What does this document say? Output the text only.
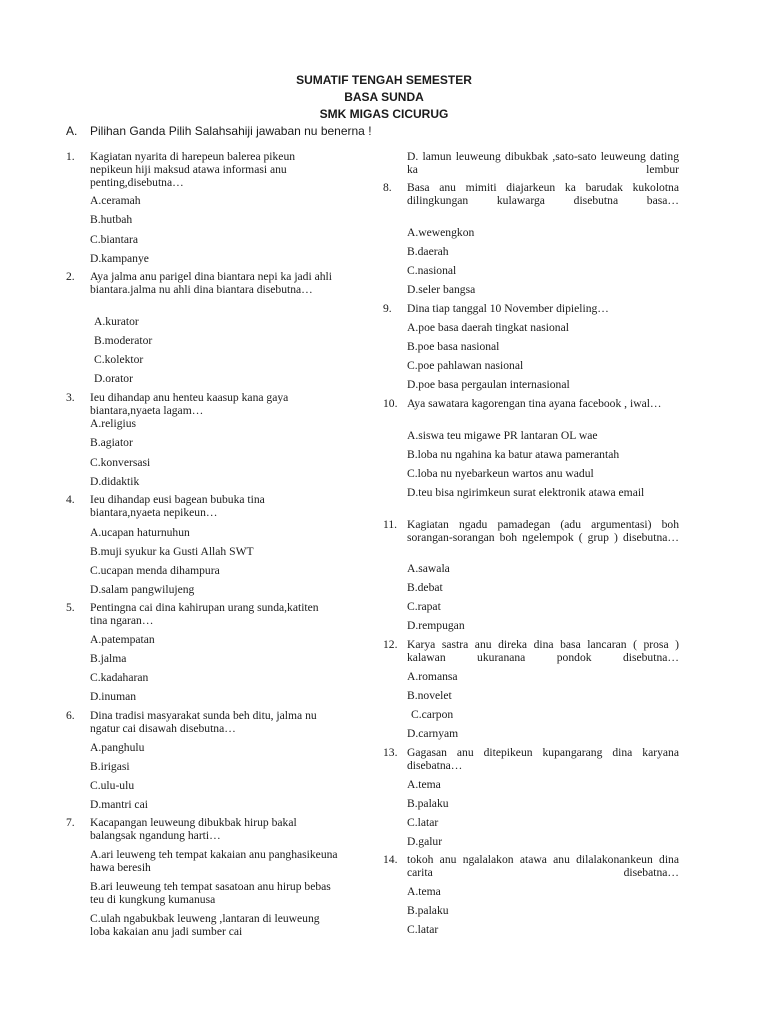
SUMATIF TENGAH SEMESTER
BASA SUNDA
SMK MIGAS CICURUG
A. Pilihan Ganda Pilih Salahsahiji jawaban nu benerna !
1.	Kagiatan nyarita di harepeun balerea pikeun nepikeun hiji maksud atawa informasi anu penting,disebutna…
A.ceramah
B.hutbah
C.biantara
D.kampanye
2.	Aya jalma anu parigel dina biantara nepi ka jadi ahli biantara.jalma nu ahli dina biantara disebutna…
A.kurator
B.moderator
C.kolektor
D.orator
3.	Ieu dihandap anu henteu kaasup kana gaya biantara,nyaeta lagam…
A.religius
B.agiator
C.konversasi
D.didaktik
4.	Ieu dihandap eusi bagean bubuka tina biantara,nyaeta nepikeun…
A.ucapan haturnuhun
B.muji syukur ka Gusti Allah SWT
C.ucapan menda dihampura
D.salam pangwilujeng
5.	Pentingna cai dina kahirupan urang sunda,katiten tina ngaran…
A.patempatan
B.jalma
C.kadaharan
D.inuman
6.	Dina tradisi masyarakat sunda beh ditu, jalma nu ngatur cai disawah disebutna…
A.panghulu
B.irigasi
C.ulu-ulu
D.mantri cai
7.	Kacapangan leuweung dibukbak hirup bakal balangsak ngandung harti…
A.ari leuweng teh tempat kakaian anu panghasikeuna hawa beresih
B.ari leuweung teh tempat sasatoan anu hirup bebas teu di kungkung kumanusa
C.ulah ngabukbak leuweng ,lantaran di leuweung loba kakaian anu jadi sumber cai
D. lamun leuweung dibukbak ,sato-sato leuweung dating ka lembur
8.	Basa anu mimiti diajarkeun ka barudak kukolotna dilingkungan kulawarga disebutna basa…
A.wewengkon
B.daerah
C.nasional
D.seler bangsa
9.	Dina tiap tanggal 10 November dipieling…
A.poe basa daerah tingkat nasional
B.poe basa nasional
C.poe pahlawan nasional
D.poe basa pergaulan internasional
10. Aya sawatara kagorengan tina ayana facebook , iwal…
A.siswa teu migawe PR lantaran OL wae
B.loba nu ngahina ka batur atawa pamerantah
C.loba nu nyebarkeun wartos anu wadul
D.teu bisa ngirimkeun surat elektronik atawa email
11. Kagiatan ngadu pamadegan (adu argumentasi) boh sorangan-sorangan boh ngelempok ( grup ) disebutna…
A.sawala
B.debat
C.rapat
D.rempugan
12. Karya sastra anu direka dina basa lancaran ( prosa ) kalawan ukuranana pondok disebutna…
A.romansa
B.novelet
C.carpon
D.carnyam
13. Gagasan anu ditepikeun kupangarang dina karyana disebatna…
A.tema
B.palaku
C.latar
D.galur
14. tokoh anu ngalalakon atawa anu dilalakonankeun dina carita disebatna…
A.tema
B.palaku
C.latar
